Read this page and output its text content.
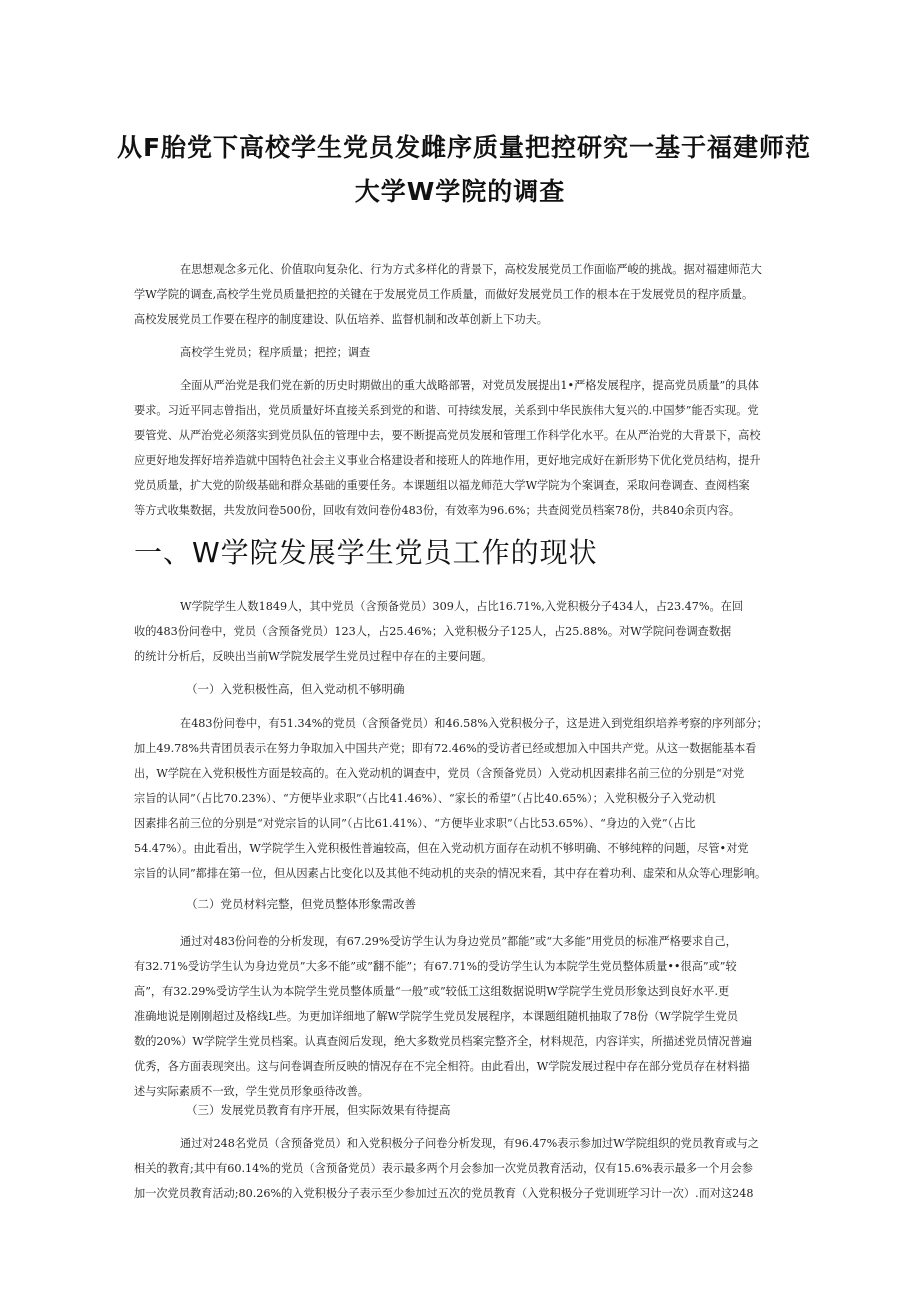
从F胎党下高校学生党员发雌序质量把控研究一基于福建师范
大学W学院的调查
在思想观念多元化、价值取向复杂化、行为方式多样化的背景下，高校发展党员工作面临严峻的挑战。据对福建师范大
学W学院的调查,高校学生党员质量把控的关键在于发展党员工作质量，而做好发展党员工作的根本在于发展党员的程序质量。
高校发展党员工作要在程序的制度建设、队伍培养、监督机制和改革创新上下功夫。
高校学生党员；程序质量；把控；调查
全面从严治党是我们党在新的历史时期做出的重大战略部署，对党员发展提出1•严格发展程序，提高党员质量”的具体
要求。习近平同志曾指出，党员质量好坏直接关系到党的和谐、可持续发展，关系到中华民族伟大复兴的.中国梦”能否实现。党
要管党、从严治党必须落实到党员队伍的管理中去，要不断提高党员发展和管理工作科学化水平。在从严治党的大背景下，高校
应更好地发挥好培养造就中国特色社会主义事业合格建设者和接班人的阵地作用，更好地完成好在新形势下优化党员结构，提升
党员质量，扩大党的阶级基础和群众基础的重要任务。本课题组以福龙师范大学W学院为个案调查，采取问卷调查、查阅档案
等方式收集数据，共发放问卷500份，回收有效问卷份483份，有效率为96.6%；共查阅党员档案78份，共840余页内容。
一、W学院发展学生党员工作的现状
W学院学生人数1849人，其中党员（含预备党员）309人，占比16.71%,入党积极分子434人，占23.47%。在回
收的483份问卷中，党员（含预备党员）123人，占25.46%；入党积极分子125人，占25.88%。对W学院问卷调查数据
的统计分析后，反映出当前W学院发展学生党员过程中存在的主要问题。
（一）入党积极性高，但入党动机不够明确
在483份问卷中，有51.34%的党员（含预备党员）和46.58%入党积极分子，这是进入到党组织培养考察的序列部分；
加上49.78%共青团员表示在努力争取加入中国共产党；即有72.46%的受访者已经或想加入中国共产党。从这一数据能基本看
出，W学院在入党积极性方面是较高的。在入党动机的调查中，党员（含预备党员）入党动机因素排名前三位的分别是“对党
宗旨的认同”（占比70.23%）、“方便毕业求职”（占比41.46%）、“家长的希望”（占比40.65%）；入党积极分子入党动机
因素排名前三位的分别是“对党宗旨的认同”（占比61.41%）、“方便毕业求职”（占比53.65%）、“身边的入党”（占比
54.47%）。由此看出，W学院学生入党积极性普遍较高，但在入党动机方面存在动机不够明确、不够纯粹的问题，尽管•对党
宗旨的认同”都排在第一位，但从因素占比变化以及其他不纯动机的夹杂的情况来看，其中存在着功利、虚荣和从众等心理影响。
（二）党员材料完整，但党员整体形象需改善
通过对483份问卷的分析发现，有67.29%受访学生认为身边党员”都能”或“大多能”用党员的标准严格要求自己，
有32.71%受访学生认为身边党员”大多不能”或”翻不能”；有67.71%的受访学生认为本院学生党员整体质量••很高”或”较
高”，有32.29%受访学生认为本院学生党员整体质量“一般”或”较低工这组数据说明W学院学生党员形象达到良好水平.更
准确地说是刚刚超过及格线L些。为更加详细地了解W学院学生党员发展程序，本课题组随机抽取了78份（W学院学生党员
数的20%）W学院学生党员档案。认真查阅后发现，绝大多数党员档案完整齐全，材料规范，内容详实，所描述党员情况普遍
优秀，各方面表现突出。这与问卷调查所反映的情况存在不完全相符。由此看出，W学院发展过程中存在部分党员存在材料描
述与实际素质不一致，学生党员形象亟待改善。
（三）发展党员教育有序开展，但实际效果有待提高
通过对248名党员（含预备党员）和入党积极分子问卷分析发现，有96.47%表示参加过W学院组织的党员教育或与之
相关的教育;其中有60.14%的党员（含预备党员）表示最多两个月会参加一次党员教育活动，仅有15.6%表示最多一个月会参
加一次党员教育活动;80.26%的入党积极分子表示至少参加过五次的党员教育（入党积极分子党训班学习计一次）.而对这248
